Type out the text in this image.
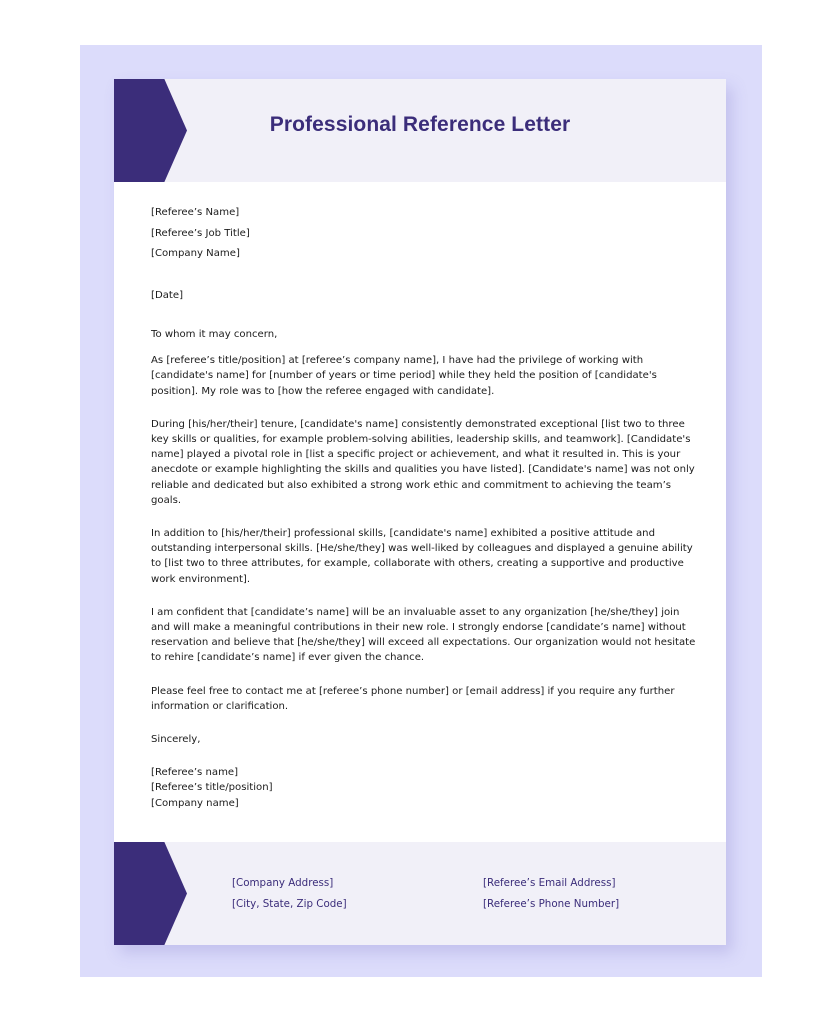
Professional Reference Letter

[Referee’s Name]

[Referee’s Job Title]

[Company Name]

[Date]

To whom it may concern,

As [referee’s title/position] at [referee’s company name], I have had the privilege of working with [candidate's name] for [number of years or time period] while they held the position of [candidate's position]. My role was to [how the referee engaged with candidate].

During [his/her/their] tenure, [candidate's name] consistently demonstrated exceptional [list two to three key skills or qualities, for example problem-solving abilities, leadership skills, and teamwork]. [Candidate's name] played a pivotal role in [list a specific project or achievement, and what it resulted in. This is your anecdote or example highlighting the skills and qualities you have listed]. [Candidate's name] was not only reliable and dedicated but also exhibited a strong work ethic and commitment to achieving the team’s goals.

In addition to [his/her/their] professional skills, [candidate's name] exhibited a positive attitude and outstanding interpersonal skills. [He/she/they] was well-liked by colleagues and displayed a genuine ability to [list two to three attributes, for example, collaborate with others, creating a supportive and productive work environment].

I am confident that [candidate’s name] will be an invaluable asset to any organization [he/she/they] join and will make a meaningful contributions in their new role. I strongly endorse [candidate’s name] without reservation and believe that [he/she/they] will exceed all expectations. Our organization would not hesitate to rehire [candidate’s name] if ever given the chance.

Please feel free to contact me at [referee’s phone number] or [email address] if you require any further information or clarification.

Sincerely,

[Referee’s name]

[Referee’s title/position]

[Company name]

[Company Address]
[City, State, Zip Code]
[Referee’s Email Address]
[Referee’s Phone Number]
